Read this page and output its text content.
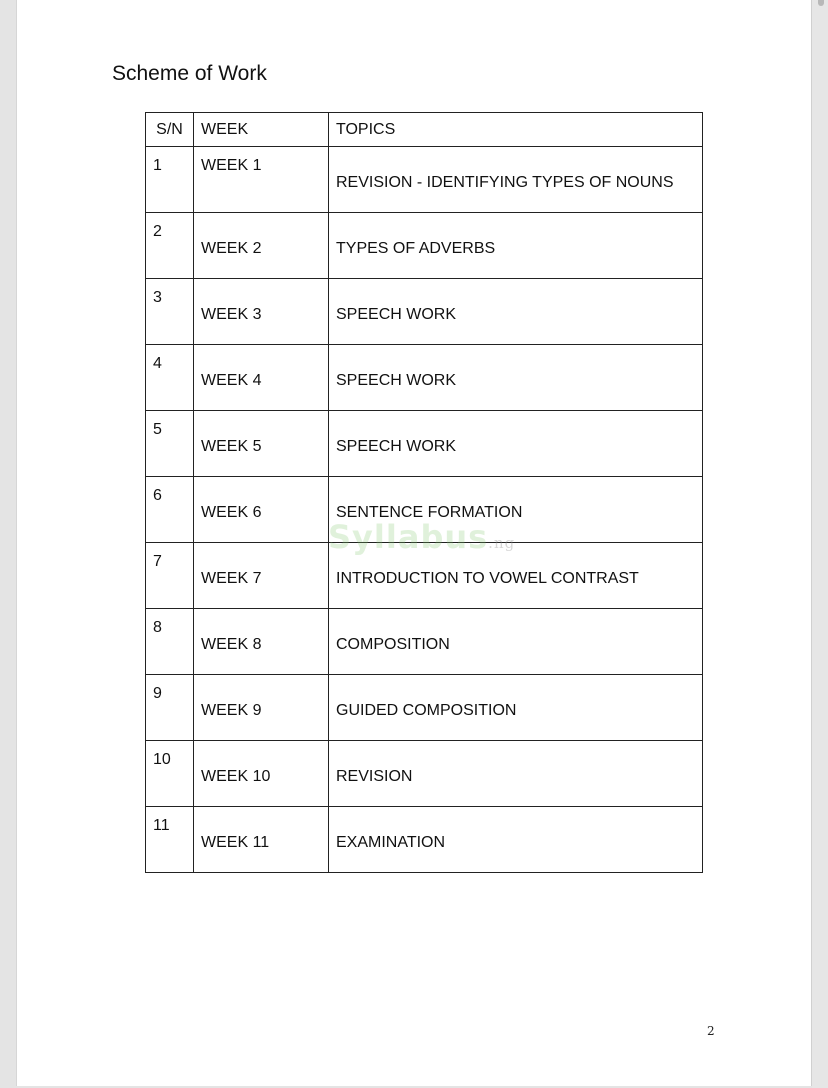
Scheme of Work
S/N	WEEK	TOPICS

1	WEEK 1	REVISION - IDENTIFYING TYPES OF NOUNS

2	WEEK 2	TYPES OF ADVERBS

3	WEEK 3	SPEECH WORK

4	WEEK 4	SPEECH WORK

5	WEEK 5	SPEECH WORK

6	WEEK 6	SENTENCE FORMATION

7	WEEK 7	INTRODUCTION TO VOWEL CONTRAST

8	WEEK 8	COMPOSITION

9	WEEK 9	GUIDED COMPOSITION

10	WEEK 10	REVISION

11	WEEK 11	EXAMINATION
Syllabus.ng
2
